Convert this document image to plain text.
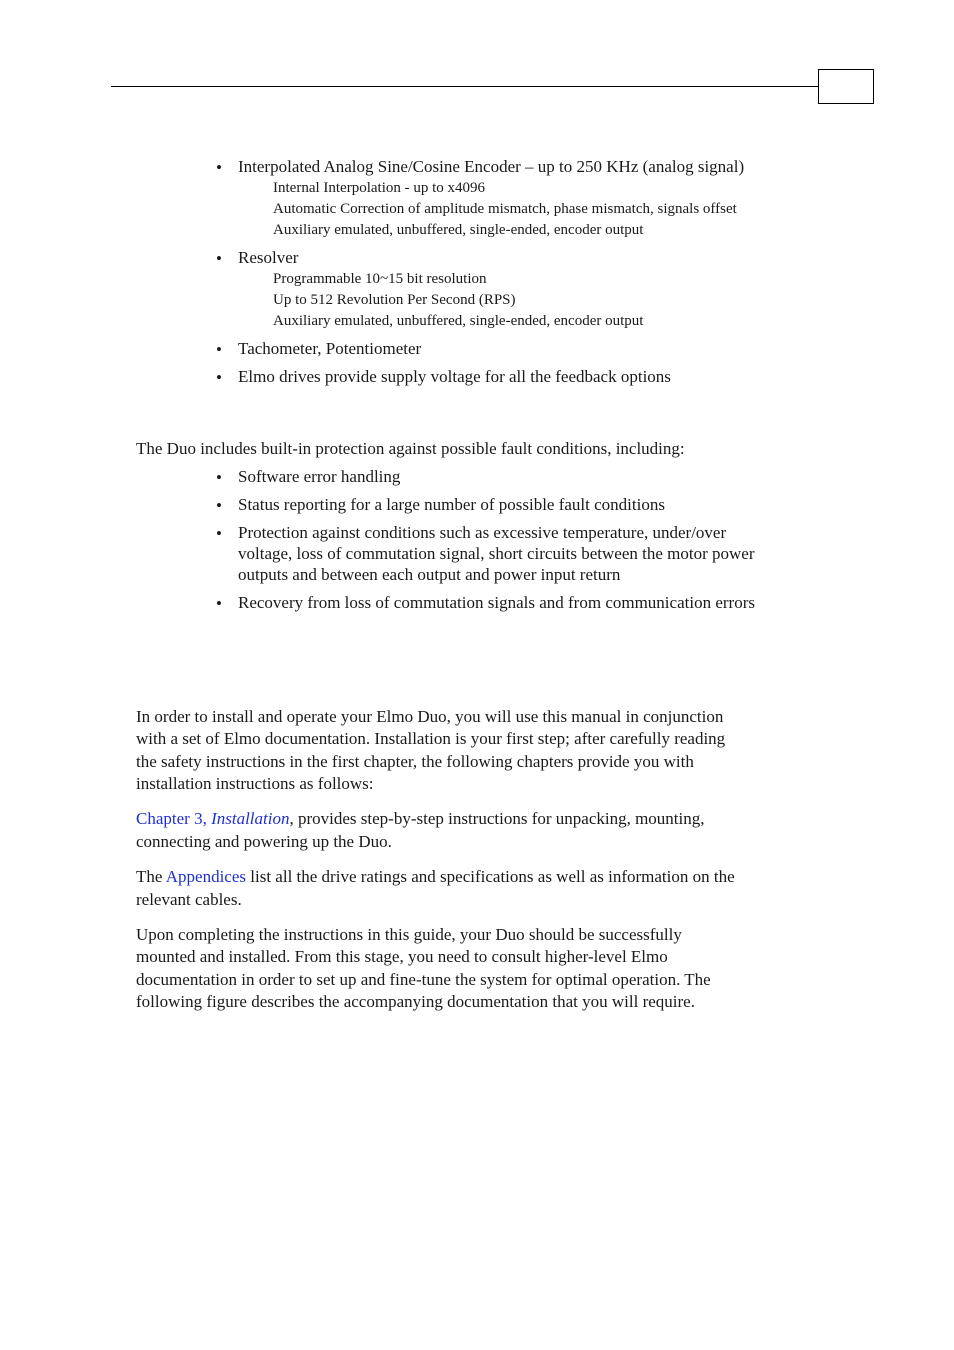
• Interpolated Analog Sine/Cosine Encoder – up to 250 KHz (analog signal)
Internal Interpolation - up to x4096
Automatic Correction of amplitude mismatch, phase mismatch, signals offset
Auxiliary emulated, unbuffered, single-ended, encoder output
• Resolver
Programmable 10~15 bit resolution
Up to 512 Revolution Per Second (RPS)
Auxiliary emulated, unbuffered, single-ended, encoder output
• Tachometer, Potentiometer
• Elmo drives provide supply voltage for all the feedback options
The Duo includes built-in protection against possible fault conditions, including:
• Software error handling
• Status reporting for a large number of possible fault conditions
• Protection against conditions such as excessive temperature, under/over
voltage, loss of commutation signal, short circuits between the motor power
outputs and between each output and power input return
• Recovery from loss of commutation signals and from communication errors
In order to install and operate your Elmo Duo, you will use this manual in conjunction
with a set of Elmo documentation. Installation is your first step; after carefully reading
the safety instructions in the first chapter, the following chapters provide you with
installation instructions as follows:
Chapter 3, Installation, provides step-by-step instructions for unpacking, mounting,
connecting and powering up the Duo.
The Appendices list all the drive ratings and specifications as well as information on the
relevant cables.
Upon completing the instructions in this guide, your Duo should be successfully
mounted and installed. From this stage, you need to consult higher-level Elmo
documentation in order to set up and fine-tune the system for optimal operation. The
following figure describes the accompanying documentation that you will require.
